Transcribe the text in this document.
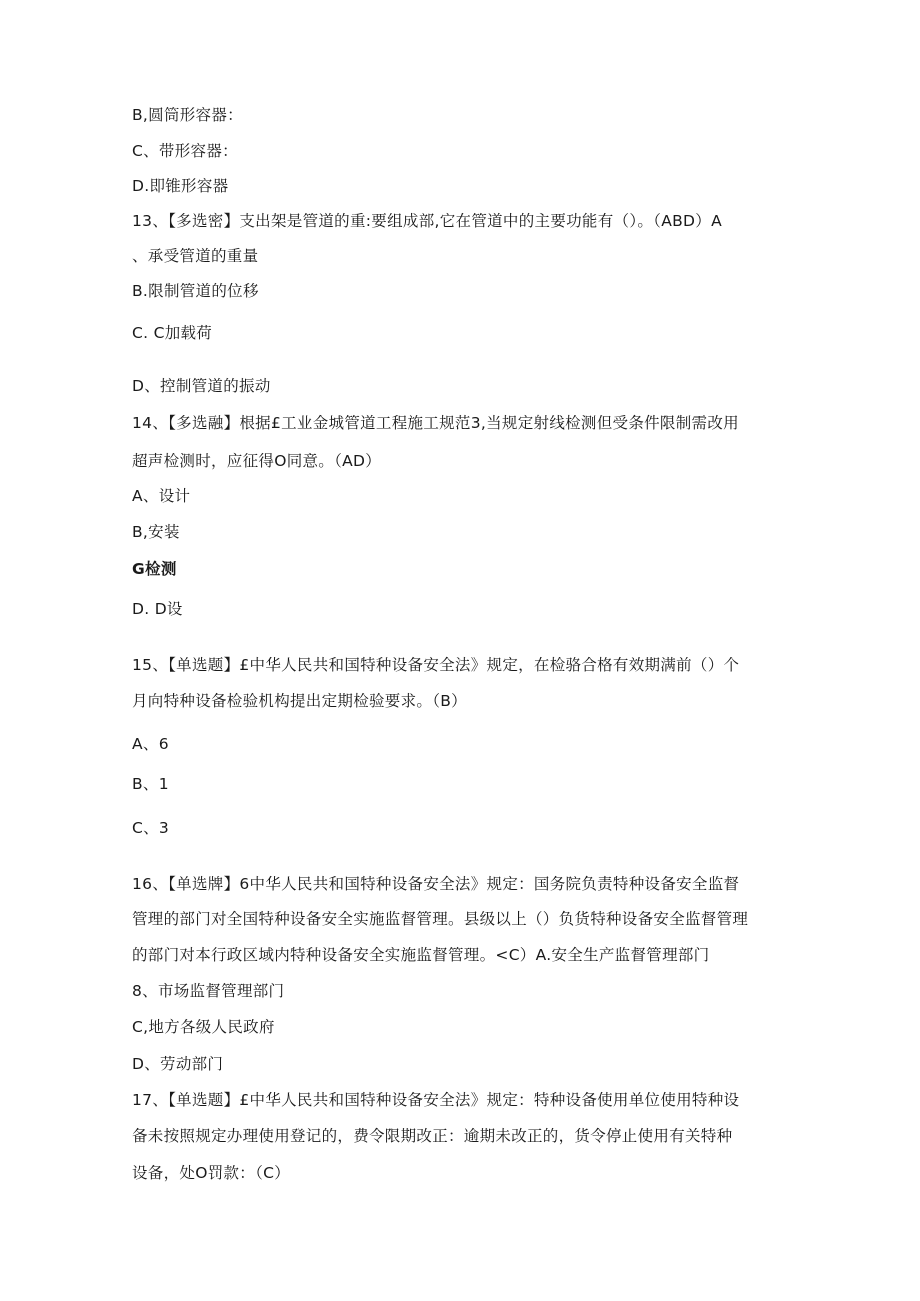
B,圆筒形容器：
C、带形容器：
D.即锥形容器
13、【多选密】支出架是管道的重:要组成部,它在管道中的主要功能有（）。（ABD）A
、承受管道的重量
B.限制管道的位移
C. C加载荷
D、控制管道的振动
14、【多选融】根据£工业金城管道工程施工规范3,当规定射线检测但受条件限制需改用
超声检测时，应征得O同意。（AD）
A、设计
B,安装
G检测
D. D设
15、【单选题】£中华人民共和国特种设备安全法》规定，在检骆合格有效期满前（）个
月向特种设备检验机构提出定期检验要求。（B）
A、6
B、1
C、3
16、【单选牌】6中华人民共和国特种设备安全法》规定：国务院负责特种设备安全监督
管理的部门对全国特种设备安全实施监督管理。县级以上（）负货特种设备安全监督管理
的部门对本行政区域内特种设备安全实施监督管理。<C）A.安全生产监督管理部门
8、市场监督管理部门
C,地方各级人民政府
D、劳动部门
17、【单选题】£中华人民共和国特种设备安全法》规定：特种设备使用单位使用特种设
备未按照规定办理使用登记的，费令限期改正：逾期未改正的，货令停止使用有关特种
设备，处O罚款：（C）
